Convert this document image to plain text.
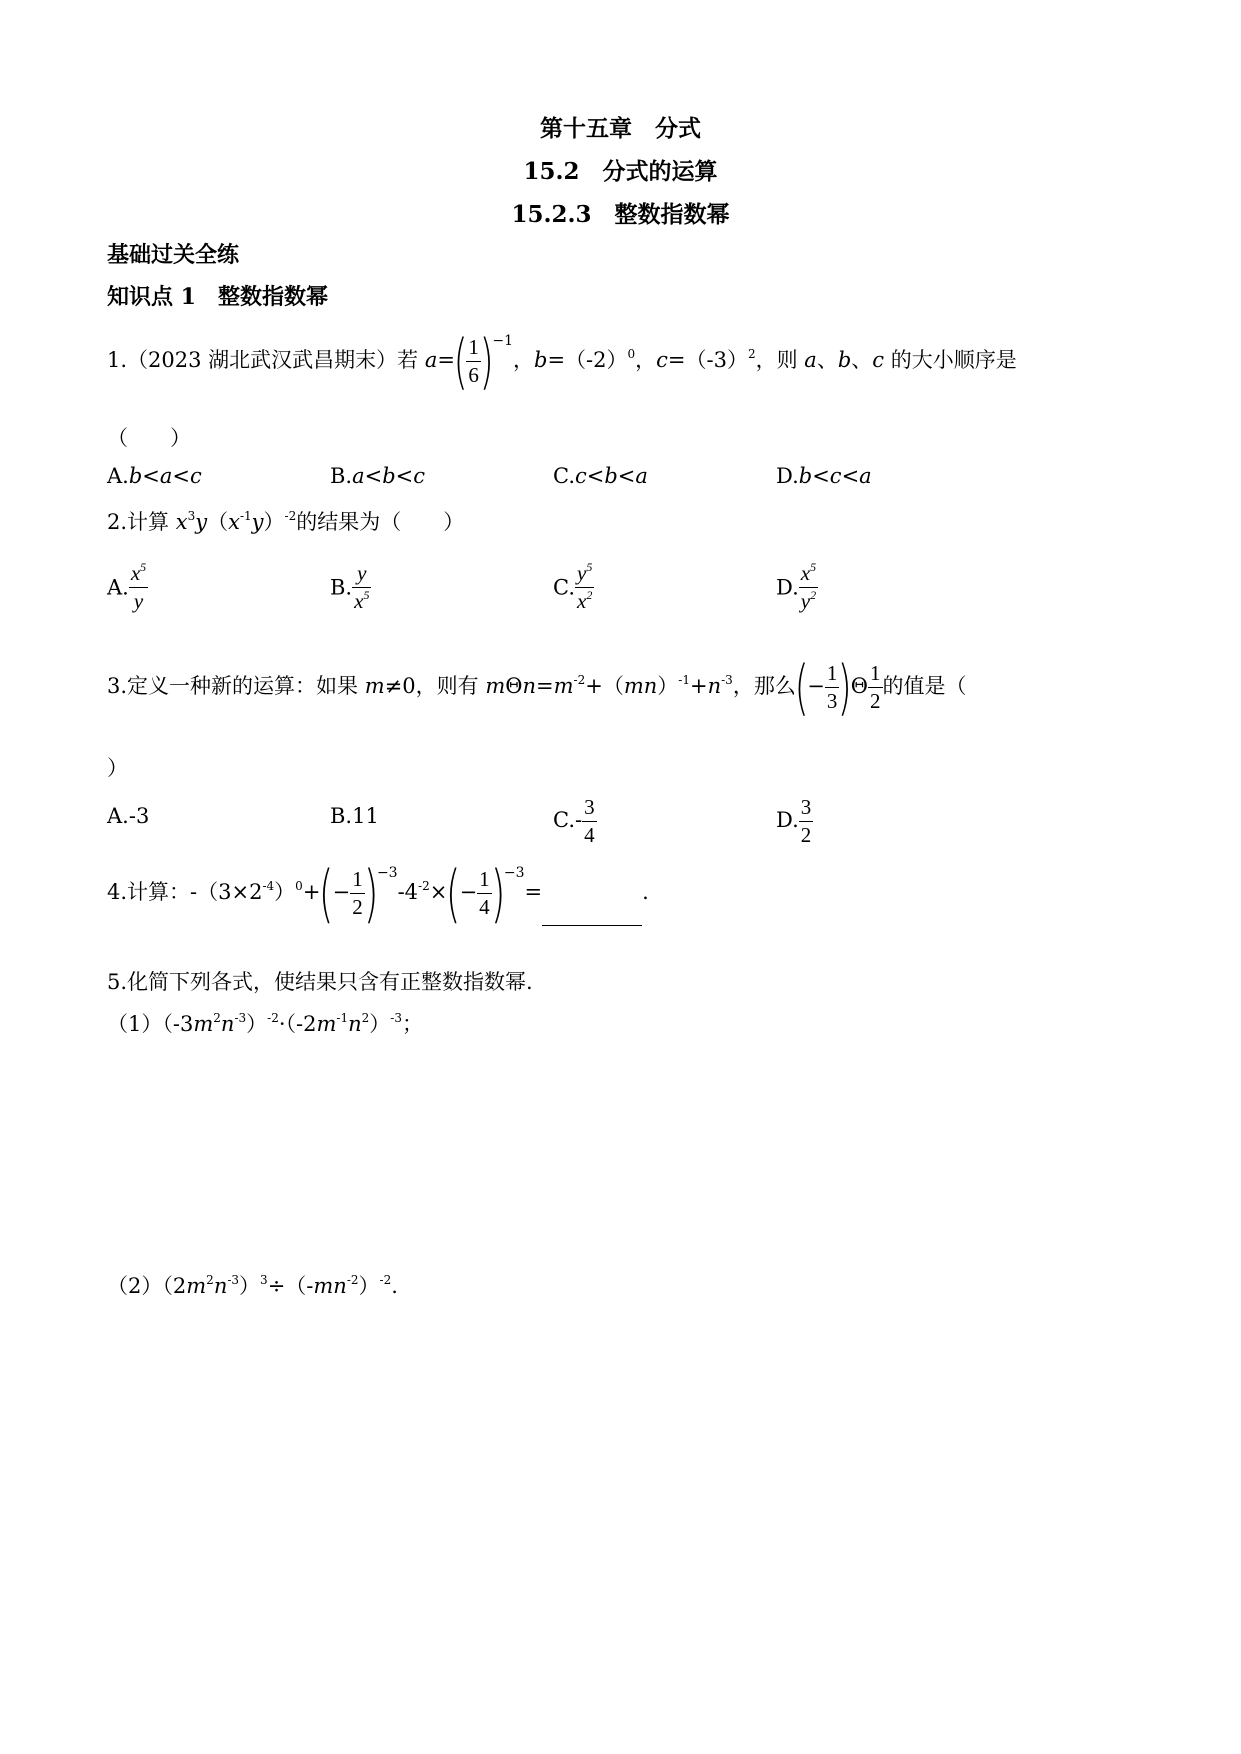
第十五章　分式
15.2　分式的运算
15.2.3　整数指数幂
基础过关全练
知识点 1　整数指数幂
1.（2023 湖北武汉武昌期末）若 a=(
$\frac{1}{6}$
)$^{-1}$，$b=(-2)^0$，$c=(-3)^2$，则 a、b、c 的大小顺序是
（　　）
A.b<a<c	B.a<b<c	C.c<b<a	D.b<c<a
2.计算 $x^3y(x^{-1}y)^{-2}$的结果为（　　）
A. $\frac{x^5}{y}$	B. $\frac{y}{x^5}$	C. $\frac{y^5}{x^2}$	D. $\frac{x^5}{y^2}$
3.定义一种新的运算：如果 m≠0，则有 $m\Theta n=m^{-2}+(mn)^{-1}+n^{-3}$，那么(− $\frac{1}{3}$
)$\Theta \frac{1}{2}$ 的值是（
）
A.-3	B.11	$C.- \frac{3}{4}$	D. $\frac{3}{2}$
4.计算：$-(3\times 2^{-4})^0+(- \frac{1}{2}$
)$^{-3}-4^{-2}\times(- \frac{1}{4}$
)$^{-3}$=	.
5.化简下列各式，使结果只含有正整数指数幂.
$(1)(-3m^2n^{-3})^{-2}\cdot(-2m^{-1}n^2)^{-3}$；
$(2)(2m^2n^{-3})^3\div(-mn^{-2})^{-2}$.
